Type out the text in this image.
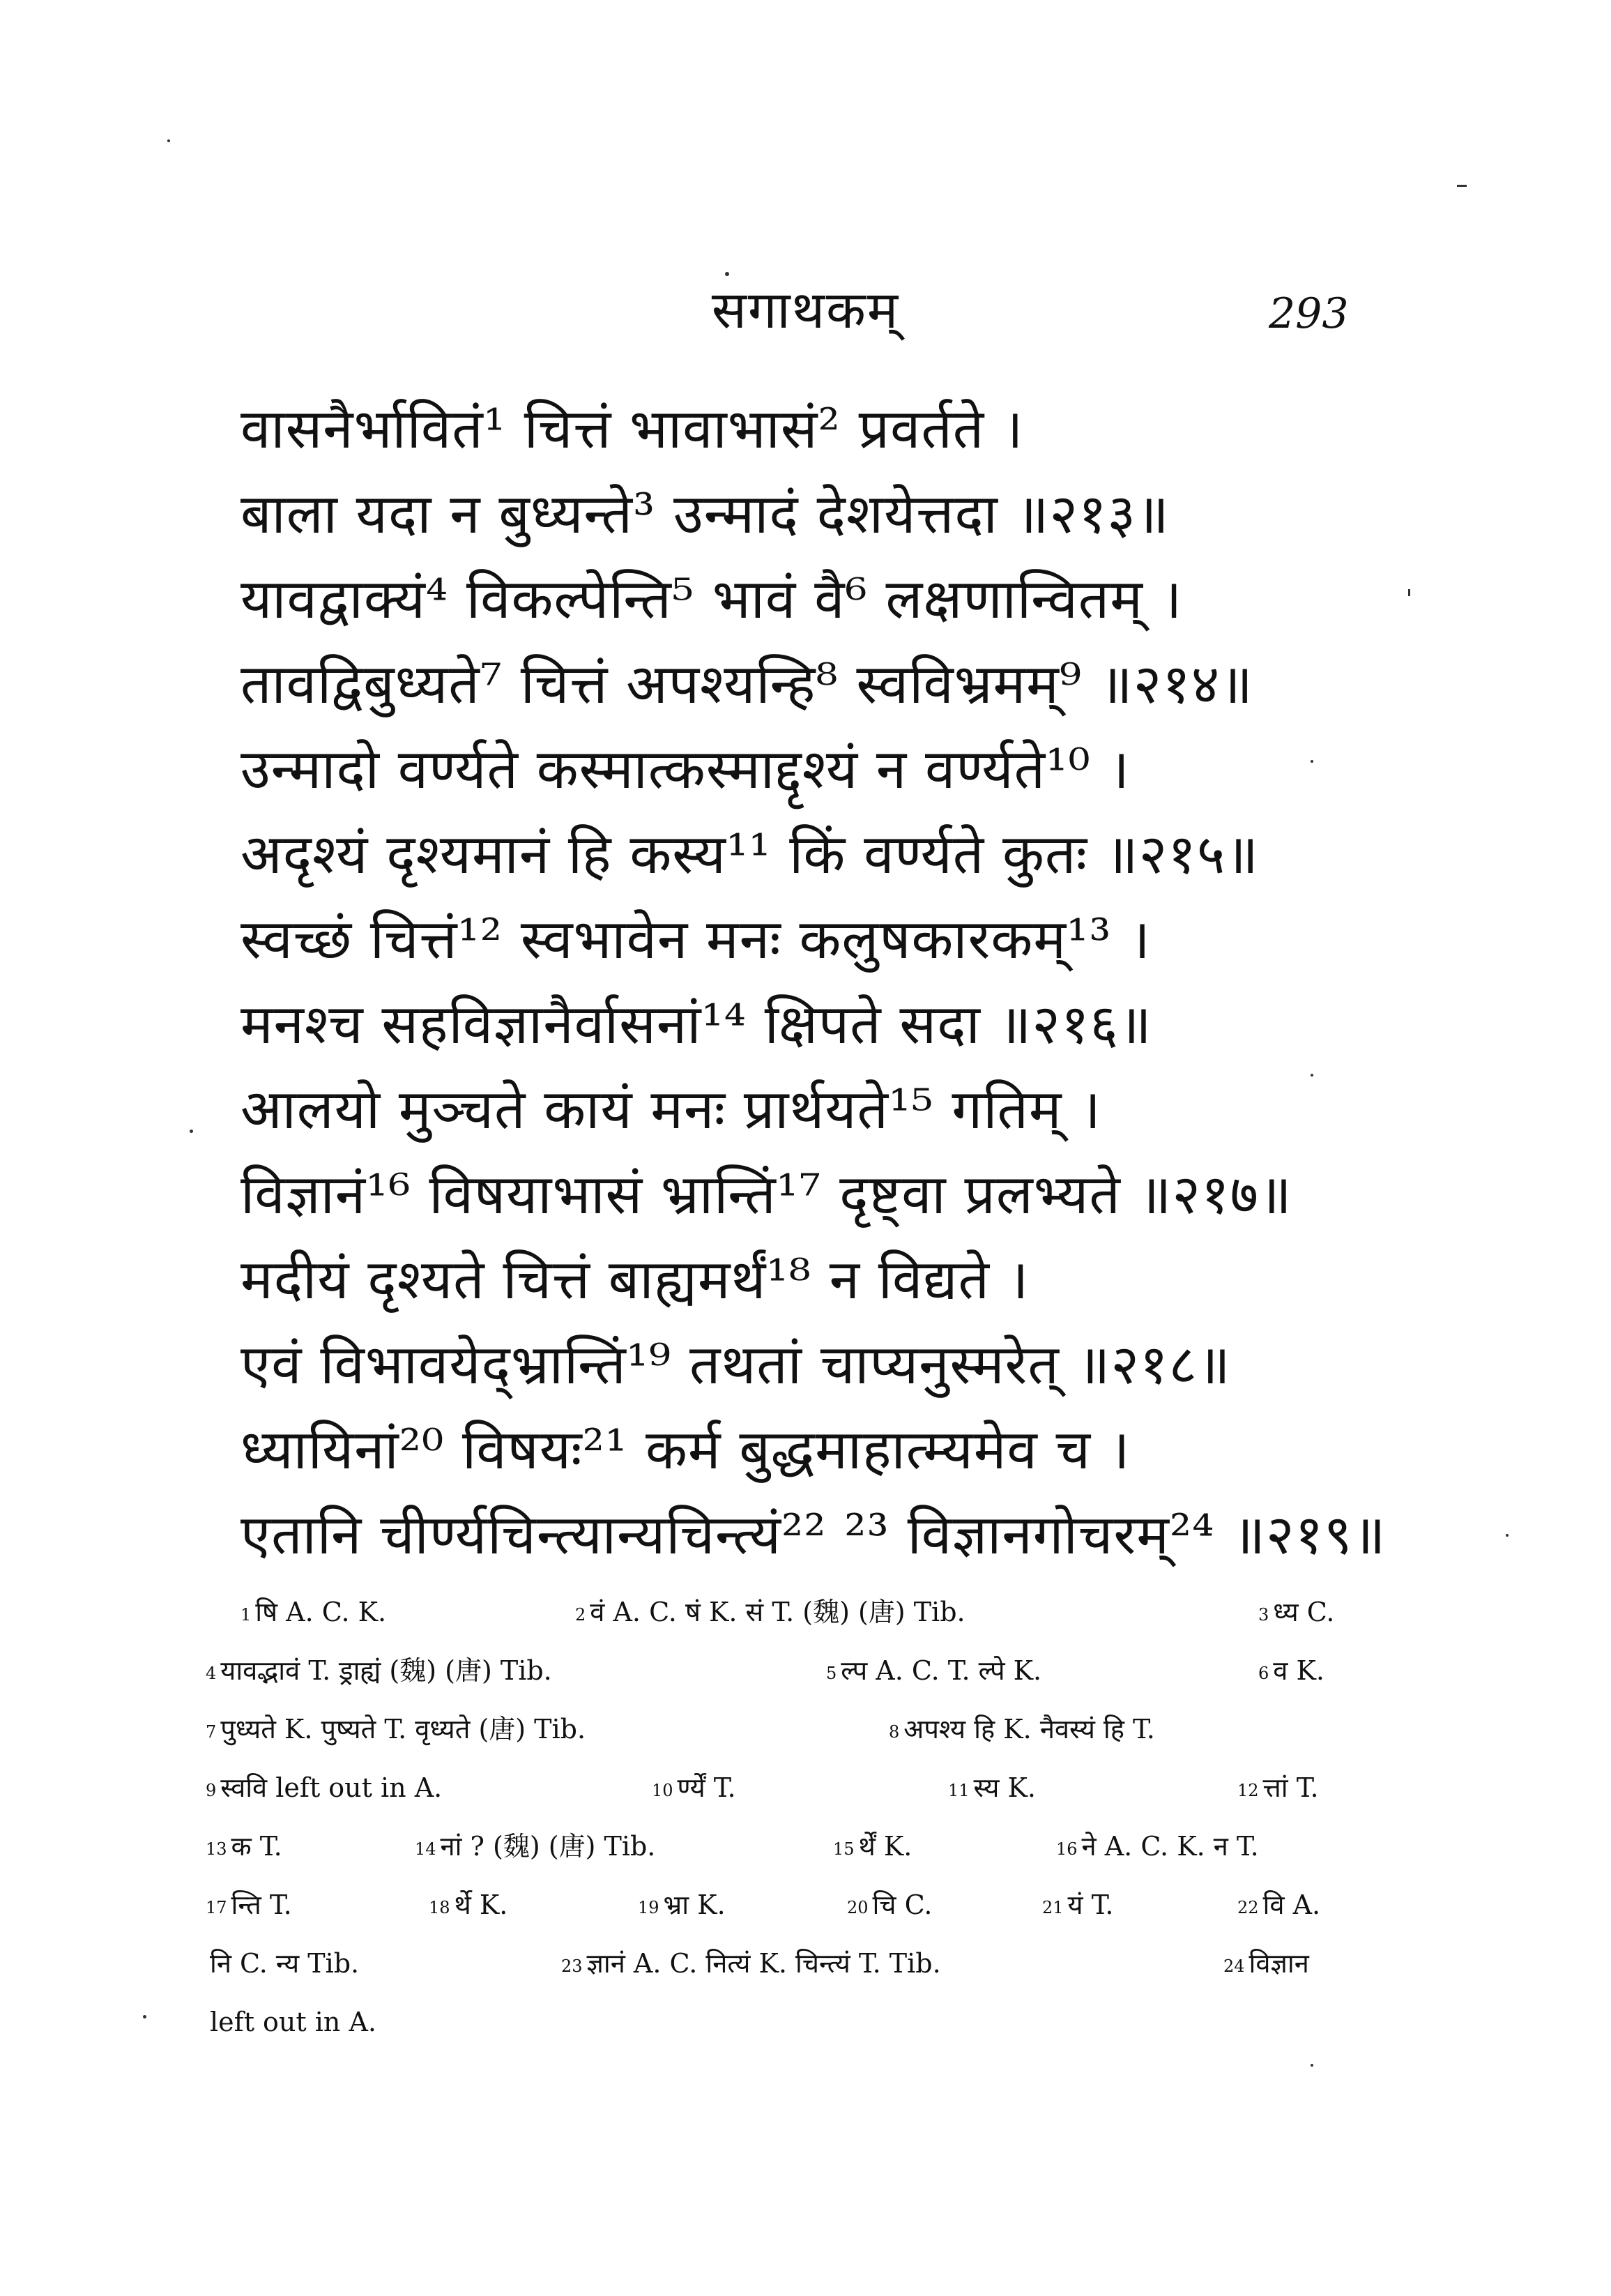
सगाथकम्	293
वासनैर्भावितं¹ चित्तं भावाभासं² प्रवर्तते ।
बाला यदा न बुध्यन्ते³ उन्मादं देशयेत्तदा ॥२१३॥
यावद्वाक्यं⁴ विकल्पेन्ति⁵ भावं वै⁶ लक्षणान्वितम् ।
तावद्विबुध्यते⁷ चित्तं अपश्यन्हि⁸ स्वविभ्रमम्⁹ ॥२१४॥
उन्मादो वर्ण्यते कस्मात्कस्माद्दृश्यं न वर्ण्यते¹⁰ ।
अदृश्यं दृश्यमानं हि कस्य¹¹ किं वर्ण्यते कुतः ॥२१५॥
स्वच्छं चित्तं¹² स्वभावेन मनः कलुषकारकम्¹³ ।
मनश्च सहविज्ञानैर्वासनां¹⁴ क्षिपते सदा ॥२१६॥
आलयो मुञ्चते कायं मनः प्रार्थयते¹⁵ गतिम् ।
विज्ञानं¹⁶ विषयाभासं भ्रान्तिं¹⁷ दृष्ट्वा प्रलभ्यते ॥२१७॥
मदीयं दृश्यते चित्तं बाह्यमर्थं¹⁸ न विद्यते ।
एवं विभावयेद्भ्रान्तिं¹⁹ तथतां चाप्यनुस्मरेत् ॥२१८॥
ध्यायिनां²⁰ विषयः²¹ कर्म बुद्धमाहात्म्यमेव च ।
एतानि चीर्ण्यचिन्त्यान्यचिन्त्यं²² ²³ विज्ञानगोचरम्²⁴ ॥२१९॥
$^1$ षि A. C. K.	$^2$ वं A. C. षं K. सं T. (魏) (唐) Tib.	$^3$ ध्य C.
$^4$ यावद्भावं T. ड्राह्यं (魏) (唐) Tib.	$^5$ ल्प A. C. T. ल्पे K.	$^6$ व K.
$^7$ पुध्यते K. पुष्यते T. वृध्यते (唐) Tib.	$^8$ अपश्य हि K. नैवस्यं हि T.
$^9$ स्ववि left out in A.	$^{10}$ र्ण्यें T.	$^{11}$ स्य K.	$^{12}$ त्तां T.
$^{13}$ क T.	$^{14}$ नां ? (魏) (唐) Tib.	$^{15}$ र्थें K.	$^{16}$ ने A. C. K. न T.
$^{17}$ न्ति T.	$^{18}$ र्थे K.	$^{19}$ भ्रा K.	$^{20}$ चि C.	$^{21}$ यं T.	$^{22}$ वि A.
नि C. न्य Tib.	$^{23}$ ज्ञानं A. C. नित्यं K. चिन्त्यं T. Tib.	$^{24}$ विज्ञान
left out in A.
